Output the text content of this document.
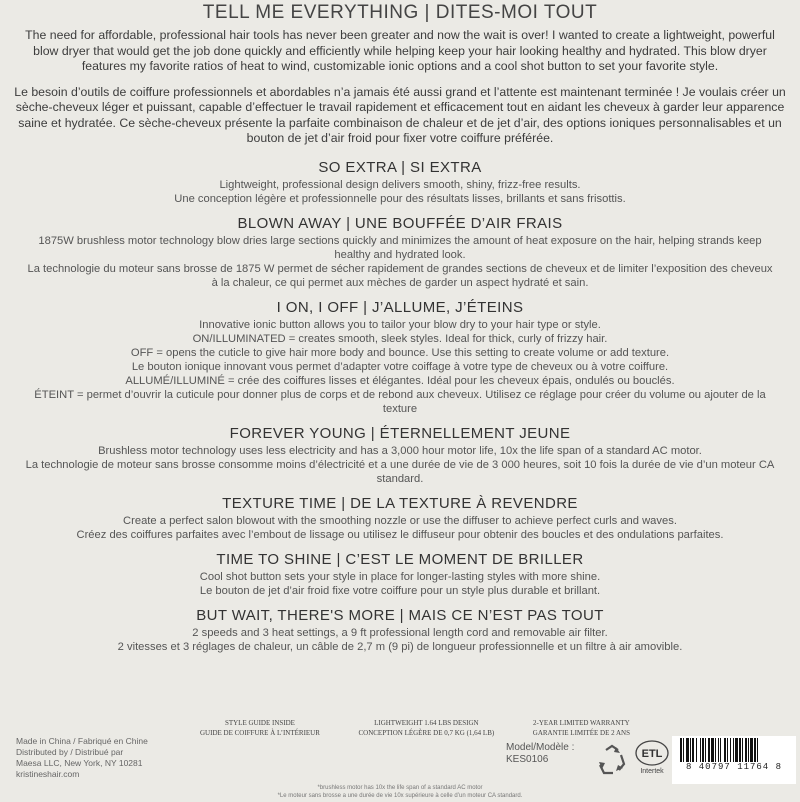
TELL ME EVERYTHING | DITES-MOI TOUT

The need for affordable, professional hair tools has never been greater and now the wait is over! I wanted to create a lightweight, powerful blow dryer that would get the job done quickly and efficiently while helping keep your hair looking healthy and hydrated. This blow dryer features my favorite ratios of heat to wind, customizable ionic options and a cool shot button to set your favorite style.

Le besoin d’outils de coiffure professionnels et abordables n’a jamais été aussi grand et l’attente est maintenant terminée ! Je voulais créer un sèche-cheveux léger et puissant, capable d’effectuer le travail rapidement et efficacement tout en aidant les cheveux à garder leur apparence saine et hydratée. Ce sèche-cheveux présente la parfaite combinaison de chaleur et de jet d’air, des options ioniques personnalisables et un bouton de jet d’air froid pour fixer votre coiffure préférée.

SO EXTRA | SI EXTRA

Lightweight, professional design delivers smooth, shiny, frizz-free results.

Une conception légère et professionnelle pour des résultats lisses, brillants et sans frisottis.

BLOWN AWAY | UNE BOUFFÉE D’AIR FRAIS

1875W brushless motor technology blow dries large sections quickly and minimizes the amount of heat exposure on the hair, helping strands keep healthy and hydrated look.

La technologie du moteur sans brosse de 1875 W permet de sécher rapidement de grandes sections de cheveux et de limiter l’exposition des cheveux à la chaleur, ce qui permet aux mèches de garder un aspect hydraté et sain.

I ON, I OFF | J’ALLUME, J’ÉTEINS

Innovative ionic button allows you to tailor your blow dry to your hair type or style.

ON/ILLUMINATED = creates smooth, sleek styles. Ideal for thick, curly of frizzy hair.

OFF = opens the cuticle to give hair more body and bounce. Use this setting to create volume or add texture.

Le bouton ionique innovant vous permet d’adapter votre coiffage à votre type de cheveux ou à votre coiffure.

ALLUMÉ/ILLUMINÉ = crée des coiffures lisses et élégantes. Idéal pour les cheveux épais, ondulés ou bouclés.

ÉTEINT = permet d’ouvrir la cuticule pour donner plus de corps et de rebond aux cheveux. Utilisez ce réglage pour créer du volume ou ajouter de la texture

FOREVER YOUNG | ÉTERNELLEMENT JEUNE

Brushless motor technology uses less electricity and has a 3,000 hour motor life, 10x the life span of a standard AC motor.

La technologie de moteur sans brosse consomme moins d’électricité et a une durée de vie de 3 000 heures, soit 10 fois la durée de vie d’un moteur CA standard.

TEXTURE TIME | DE LA TEXTURE À REVENDRE

Create a perfect salon blowout with the smoothing nozzle or use the diffuser to achieve perfect curls and waves.

Créez des coiffures parfaites avec l’embout de lissage ou utilisez le diffuseur pour obtenir des boucles et des ondulations parfaites.

TIME TO SHINE | C’EST LE MOMENT DE BRILLER

Cool shot button sets your style in place for longer-lasting styles with more shine.

Le bouton de jet d’air froid fixe votre coiffure pour un style plus durable et brillant.

BUT WAIT, THERE'S MORE | MAIS CE N’EST PAS TOUT

2 speeds and 3 heat settings, a 9 ft professional length cord and removable air filter.

2 vitesses et 3 réglages de chaleur, un câble de 2,7 m (9 pi) de longueur professionnelle et un filtre à air amovible.

STYLE GUIDE INSIDE
GUIDE DE COIFFURE À L’INTÉRIEUR
LIGHTWEIGHT 1.64 LBS DESIGN
CONCEPTION LÉGÈRE DE 0,7 KG (1,64 LB)
2-YEAR LIMITED WARRANTY
GARANTIE LIMITÉE DE 2 ANS
Made in China / Fabriqué en Chine
Distributed by / Distribué par
Maesa LLC, New York, NY 10281
kristineshair.com
Model/Modèle :
KES0106	ETL
Intertek	8 40797 11764 8
*brushless motor has 10x the life span of a standard AC motor
*Le moteur sans brosse a une durée de vie 10x supérieure à celle d’un moteur CA standard.
